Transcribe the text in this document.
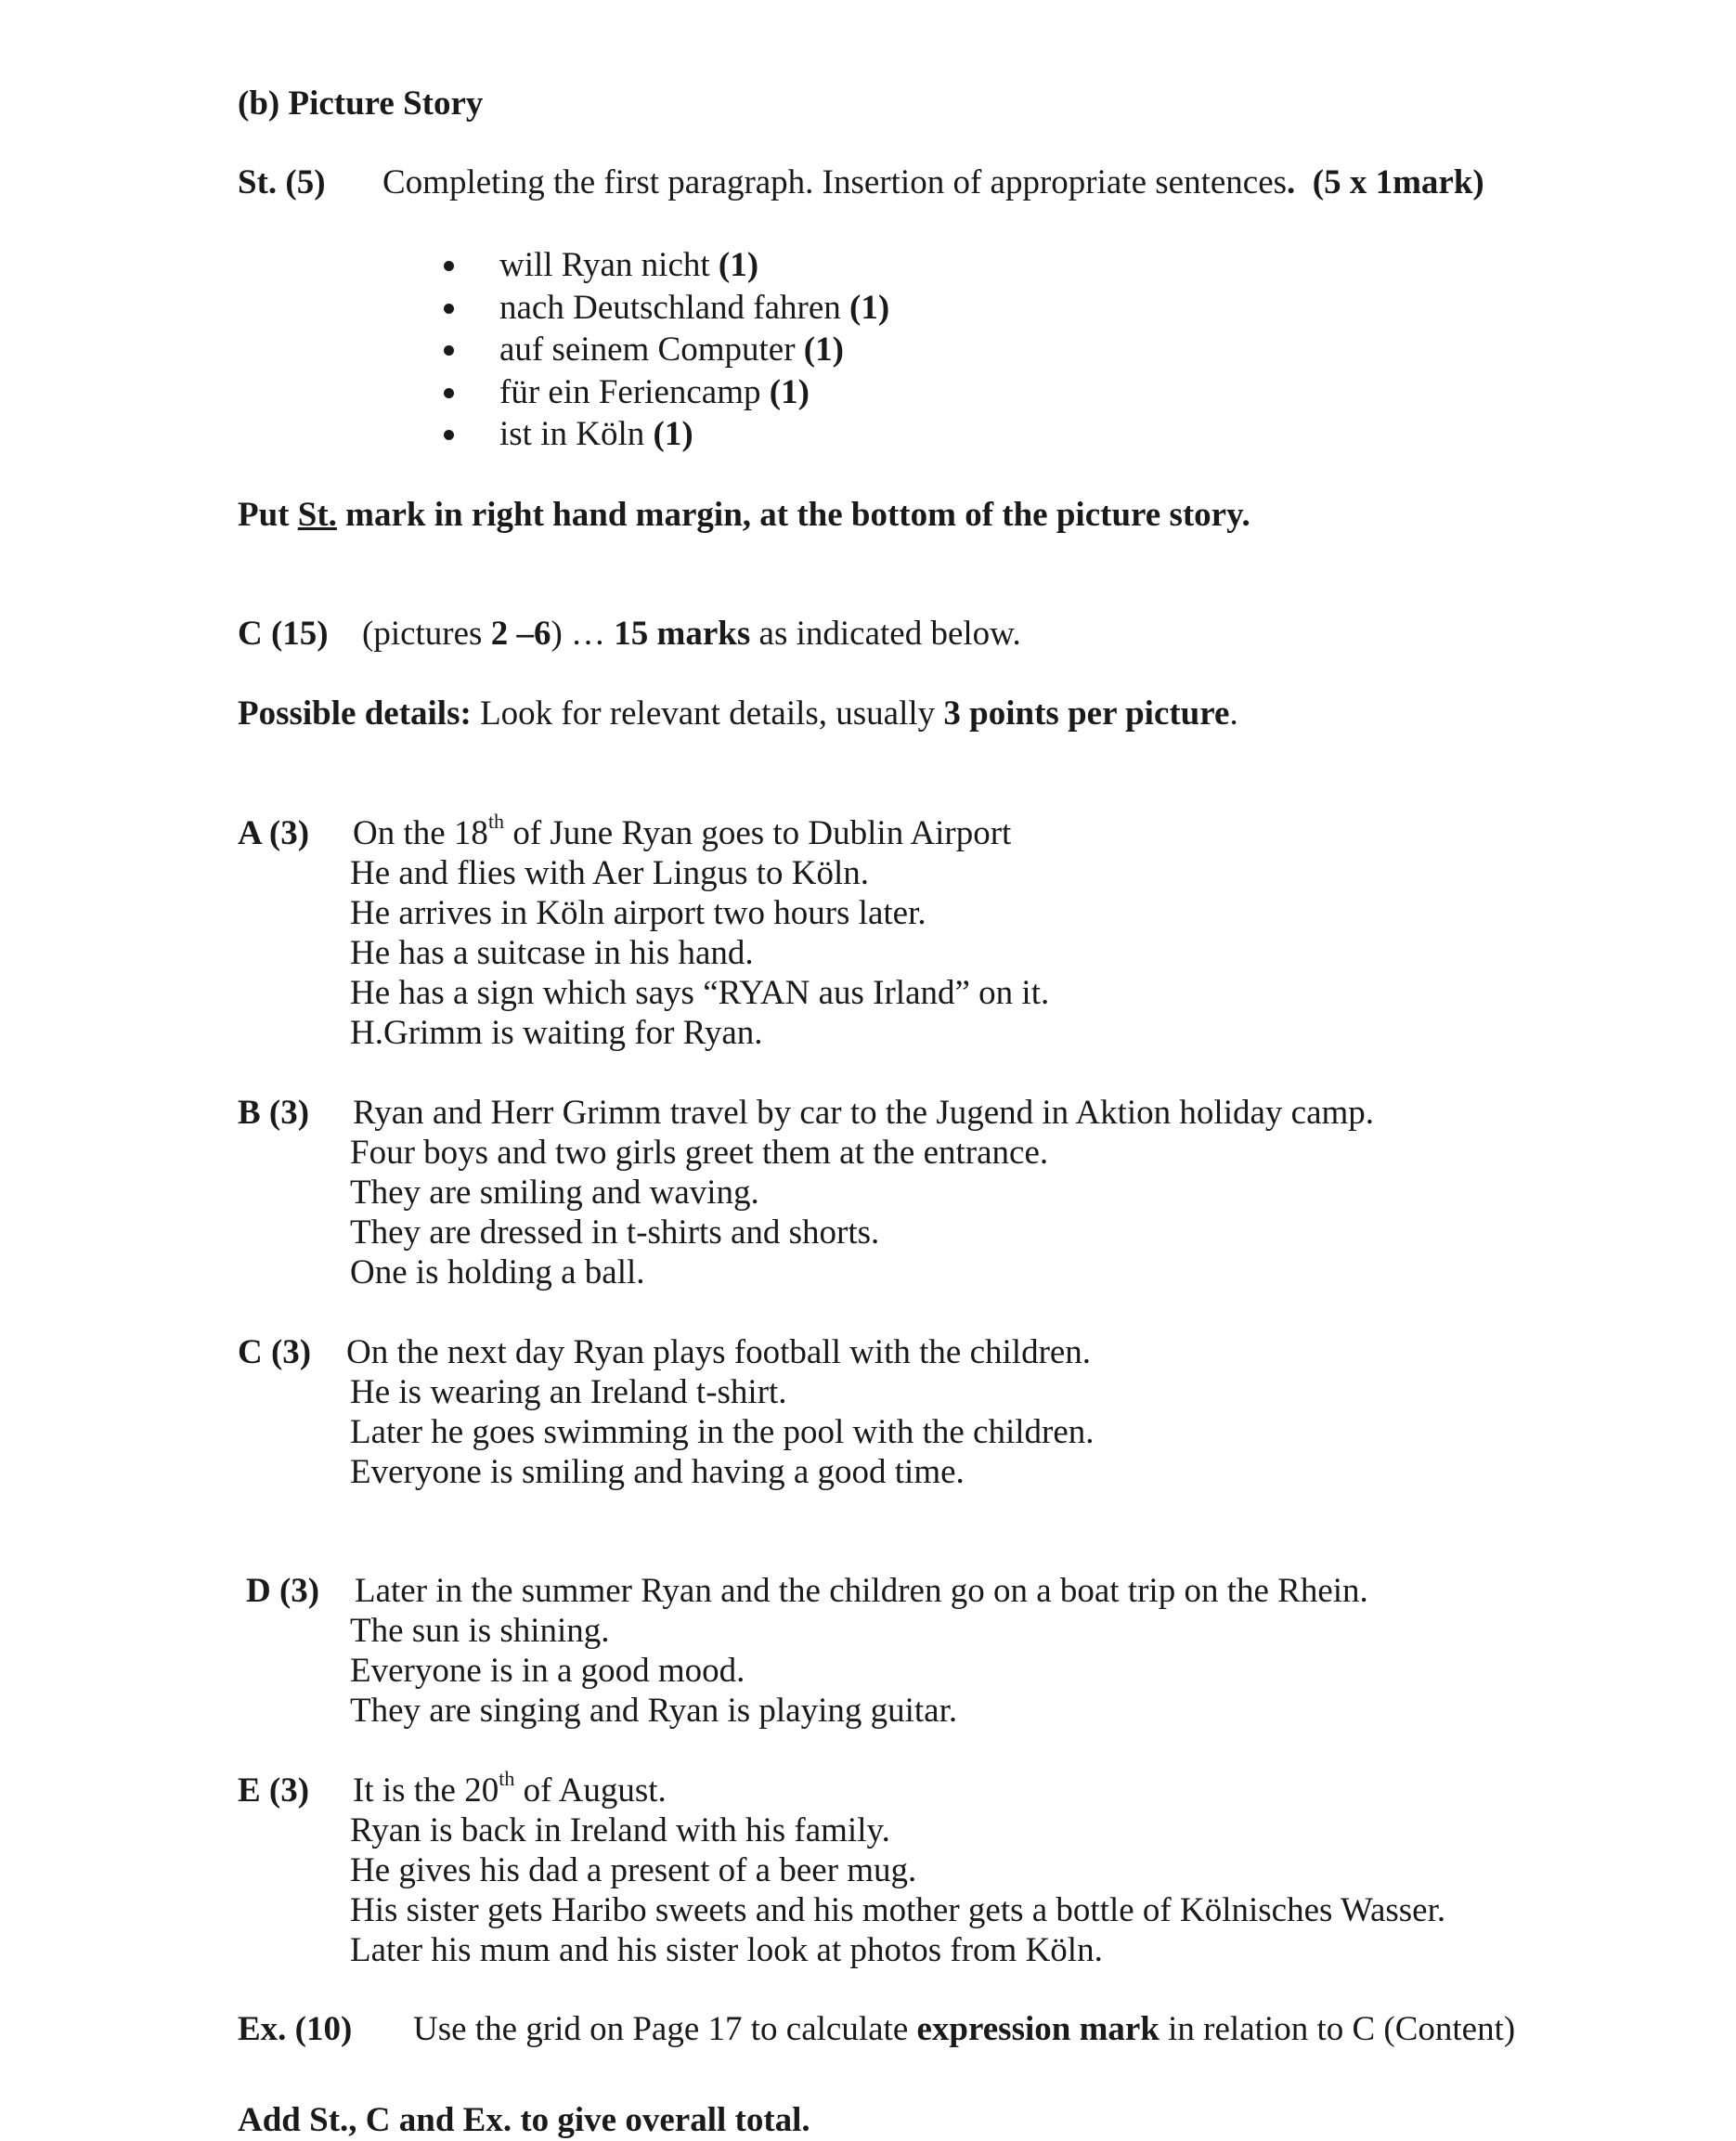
(b) Picture Story
St. (5) Completing the first paragraph. Insertion of appropriate sentences. (5 x 1mark)
will Ryan nicht (1)
nach Deutschland fahren (1)
auf seinem Computer (1)
für ein Feriencamp (1)
ist in Köln (1)
Put St. mark in right hand margin, at the bottom of the picture story.
C (15) (pictures 2 –6) … 15 marks as indicated below.
Possible details: Look for relevant details, usually 3 points per picture.
A (3) On the 18th of June Ryan goes to Dublin Airport
He and flies with Aer Lingus to Köln.
He arrives in Köln airport two hours later.
He has a suitcase in his hand.
He has a sign which says “RYAN aus Irland” on it.
H.Grimm is waiting for Ryan.
B (3) Ryan and Herr Grimm travel by car to the Jugend in Aktion holiday camp.
Four boys and two girls greet them at the entrance.
They are smiling and waving.
They are dressed in t-shirts and shorts.
One is holding a ball.
C (3) On the next day Ryan plays football with the children.
He is wearing an Ireland t-shirt.
Later he goes swimming in the pool with the children.
Everyone is smiling and having a good time.
D (3) Later in the summer Ryan and the children go on a boat trip on the Rhein.
The sun is shining.
Everyone is in a good mood.
They are singing and Ryan is playing guitar.
E (3) It is the 20th of August.
Ryan is back in Ireland with his family.
He gives his dad a present of a beer mug.
His sister gets Haribo sweets and his mother gets a bottle of Kölnisches Wasser.
Later his mum and his sister look at photos from Köln.
Ex. (10) Use the grid on Page 17 to calculate expression mark in relation to C (Content)
Add St., C and Ex. to give overall total.
